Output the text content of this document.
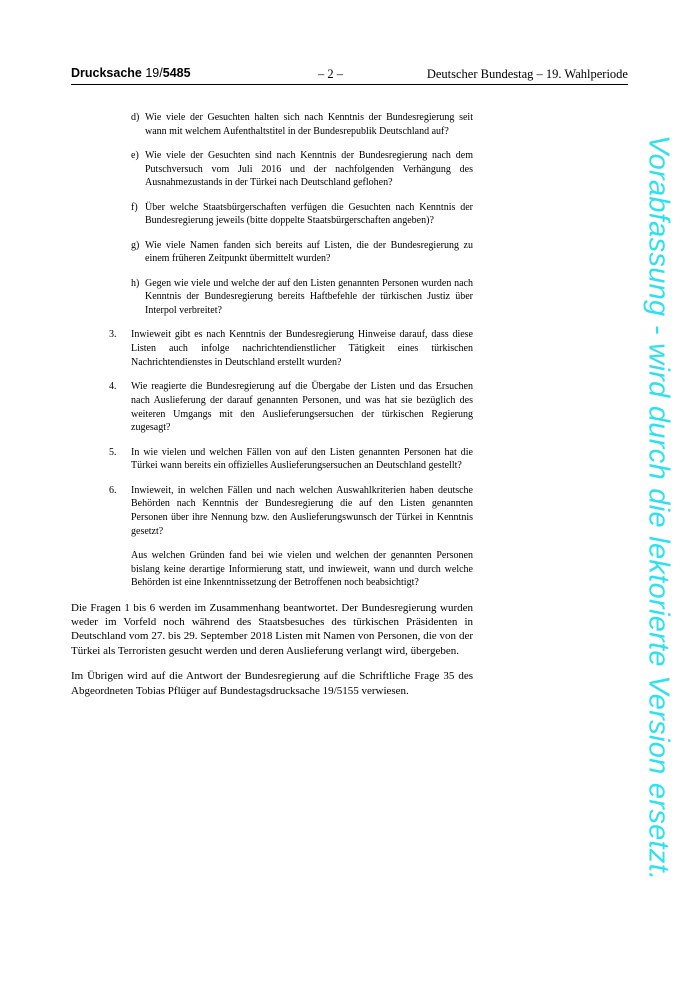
Drucksache 19/5485	– 2 –	Deutscher Bundestag – 19. Wahlperiode
d) Wie viele der Gesuchten halten sich nach Kenntnis der Bundesregierung seit wann mit welchem Aufenthaltstitel in der Bundesrepublik Deutschland auf?
e) Wie viele der Gesuchten sind nach Kenntnis der Bundesregierung nach dem Putschversuch vom Juli 2016 und der nachfolgenden Verhängung des Ausnahmezustands in der Türkei nach Deutschland geflohen?
f) Über welche Staatsbürgerschaften verfügen die Gesuchten nach Kenntnis der Bundesregierung jeweils (bitte doppelte Staatsbürgerschaften angeben)?
g) Wie viele Namen fanden sich bereits auf Listen, die der Bundesregierung zu einem früheren Zeitpunkt übermittelt wurden?
h) Gegen wie viele und welche der auf den Listen genannten Personen wurden nach Kenntnis der Bundesregierung bereits Haftbefehle der türkischen Justiz über Interpol verbreitet?
3.	Inwieweit gibt es nach Kenntnis der Bundesregierung Hinweise darauf, dass diese Listen auch infolge nachrichtendienstlicher Tätigkeit eines türkischen Nachrichtendienstes in Deutschland erstellt wurden?
4.	Wie reagierte die Bundesregierung auf die Übergabe der Listen und das Ersuchen nach Auslieferung der darauf genannten Personen, und was hat sie bezüglich des weiteren Umgangs mit den Auslieferungsersuchen der türkischen Regierung zugesagt?
5.	In wie vielen und welchen Fällen von auf den Listen genannten Personen hat die Türkei wann bereits ein offizielles Auslieferungsersuchen an Deutschland gestellt?
6.	Inwieweit, in welchen Fällen und nach welchen Auswahlkriterien haben deutsche Behörden nach Kenntnis der Bundesregierung die auf den Listen genannten Personen über ihre Nennung bzw. den Auslieferungswunsch der Türkei in Kenntnis gesetzt?
Aus welchen Gründen fand bei wie vielen und welchen der genannten Personen bislang keine derartige Informierung statt, und inwieweit, wann und durch welche Behörden ist eine Inkenntnissetzung der Betroffenen noch beabsichtigt?

Die Fragen 1 bis 6 werden im Zusammenhang beantwortet. Der Bundesregierung wurden weder im Vorfeld noch während des Staatsbesuches des türkischen Präsidenten in Deutschland vom 27. bis 29. September 2018 Listen mit Namen von Personen, die von der Türkei als Terroristen gesucht werden und deren Auslieferung verlangt wird, übergeben.

Im Übrigen wird auf die Antwort der Bundesregierung auf die Schriftliche Frage 35 des Abgeordneten Tobias Pflüger auf Bundestagsdrucksache 19/5155 verwiesen.	Vorabfassung - wird durch die lektorierte Version ersetzt.
